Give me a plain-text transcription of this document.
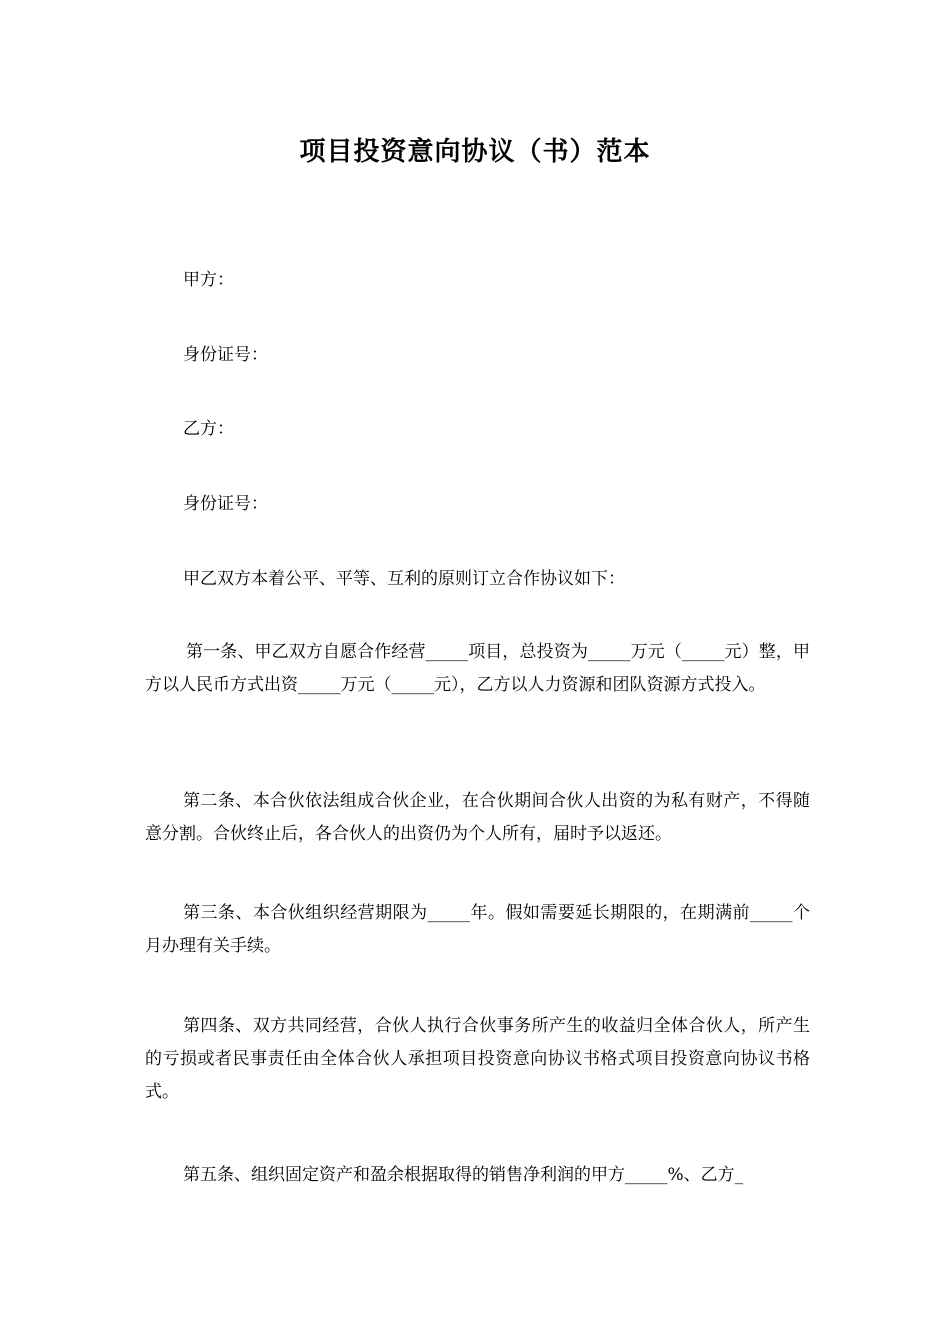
项目投资意向协议（书）范本
甲方：
身份证号：
乙方：
身份证号：
甲乙双方本着公平、平等、互利的原则订立合作协议如下：
第一条、甲乙双方自愿合作经营_____项目，总投资为_____万元（_____元）整，甲方以人民币方式出资_____万元（_____元），乙方以人力资源和团队资源方式投入。
第二条、本合伙依法组成合伙企业，在合伙期间合伙人出资的为私有财产，不得随意分割。合伙终止后，各合伙人的出资仍为个人所有，届时予以返还。
第三条、本合伙组织经营期限为_____年。假如需要延长期限的，在期满前_____个月办理有关手续。
第四条、双方共同经营，合伙人执行合伙事务所产生的收益归全体合伙人，所产生的亏损或者民事责任由全体合伙人承担项目投资意向协议书格式项目投资意向协议书格式。
第五条、组织固定资产和盈余根据取得的销售净利润的甲方_____%、乙方_
